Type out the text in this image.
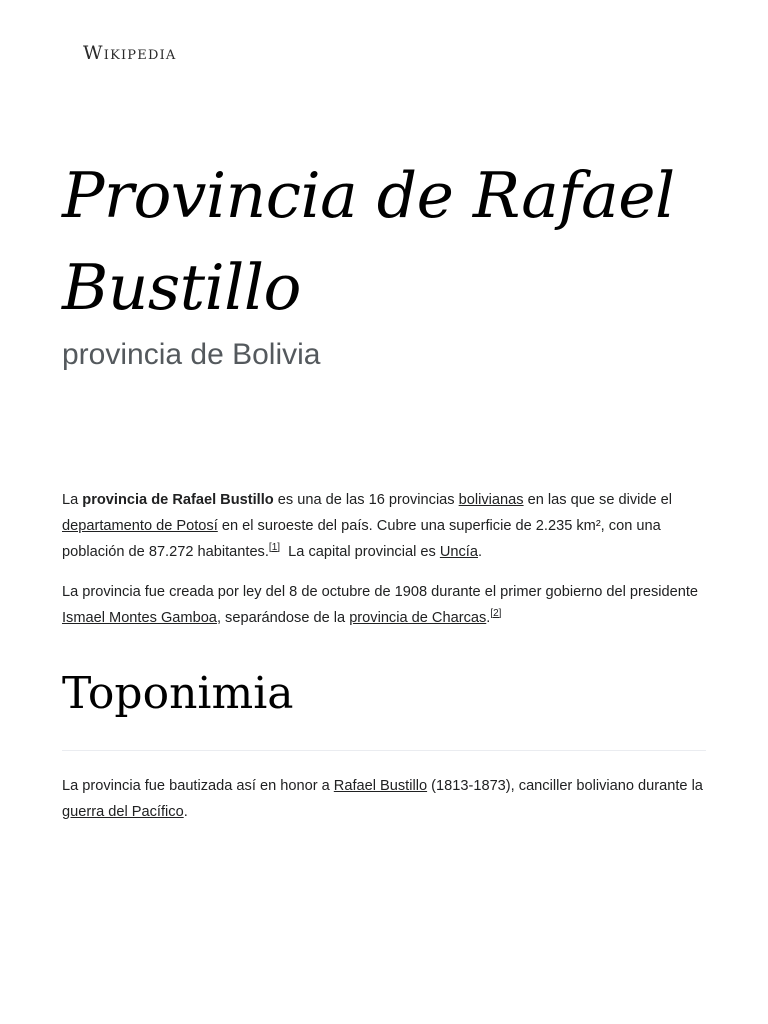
Wikipedia
Provincia de Rafael Bustillo

provincia de Bolivia

La provincia de Rafael Bustillo es una de las 16 provincias bolivianas en las que se divide el departamento de Potosí en el suroeste del país. Cubre una superficie de 2.235 km², con una población de 87.272 habitantes.[1]  La capital provincial es Uncía.

La provincia fue creada por ley del 8 de octubre de 1908 durante el primer gobierno del presidente Ismael Montes Gamboa, separándose de la provincia de Charcas.[2]

Toponimia

La provincia fue bautizada así en honor a Rafael Bustillo (1813-1873), canciller boliviano durante la guerra del Pacífico.
